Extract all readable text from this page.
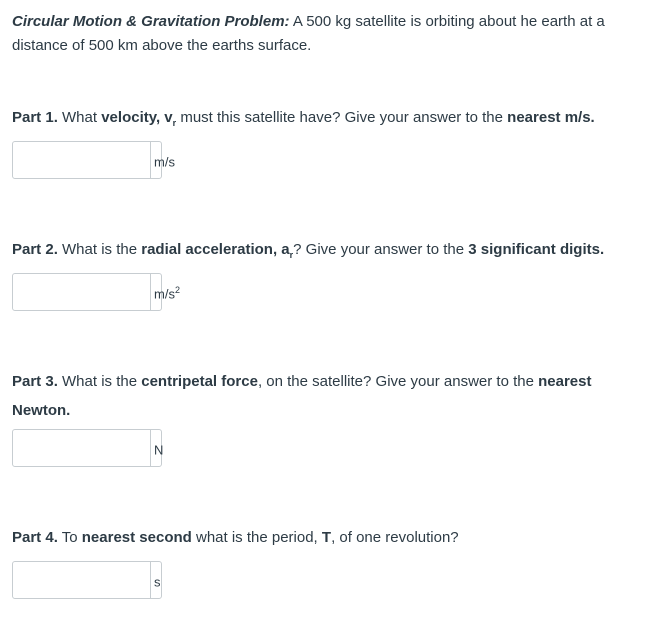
Circular Motion & Gravitation Problem: A 500 kg satellite is orbiting about he earth at a distance of 500 km above the earths surface.
Part 1. What velocity, $v_r$ must this satellite have? Give your answer to the nearest m/s.
m/s
Part 2. What is the radial acceleration, $a_r$? Give your answer to the 3 significant digits.
$m/s^2$
Part 3. What is the centripetal force, on the satellite? Give your answer to the nearest Newton.
N
Part 4. To nearest second what is the period, T, of one revolution?
s
